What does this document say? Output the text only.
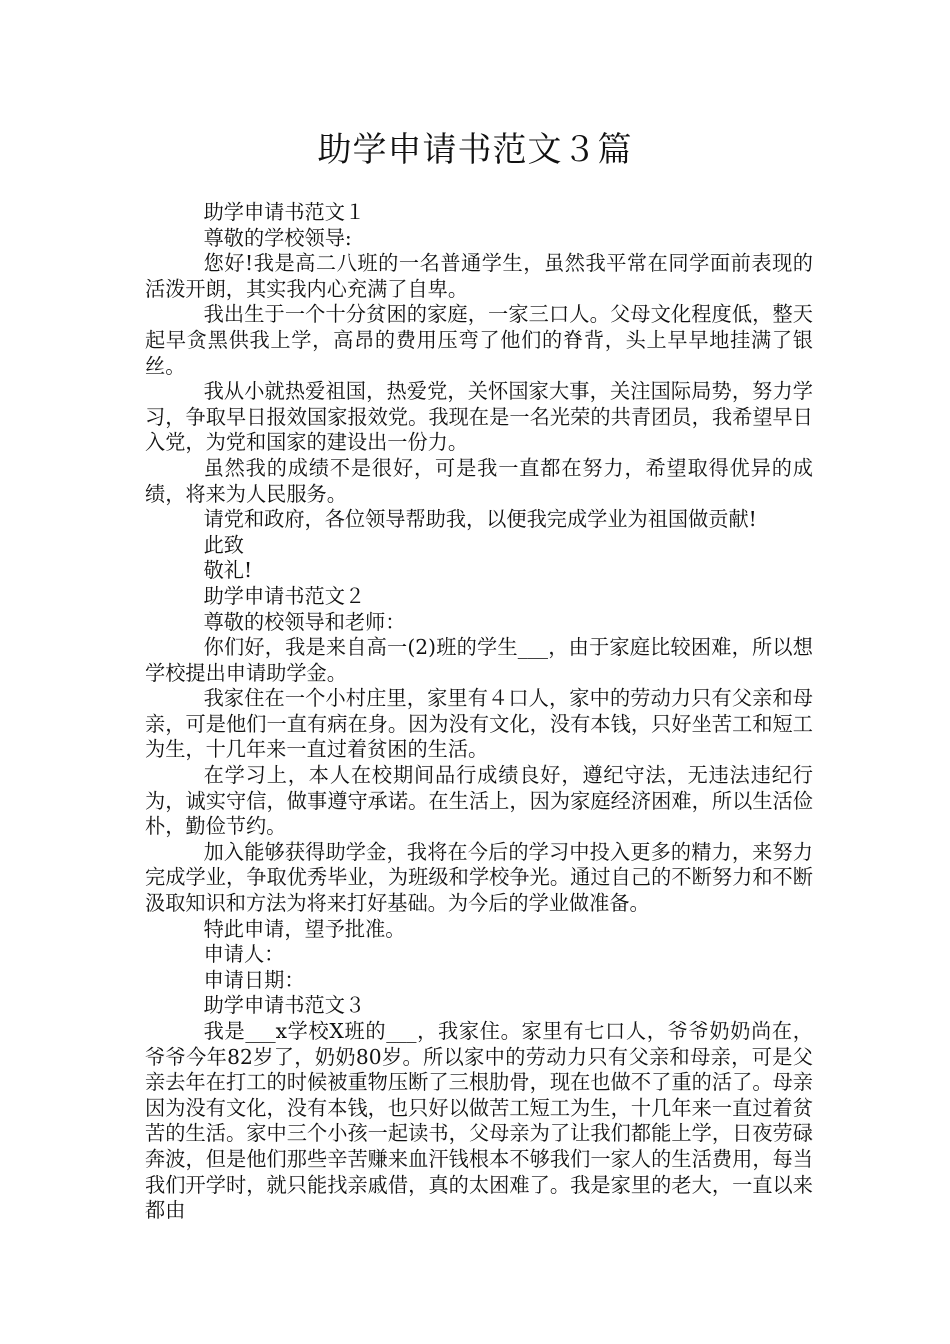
助学申请书范文３篇

助学申请书范文１

尊敬的学校领导:

您好!我是高二八班的一名普通学生，虽然我平常在同学面前表现的活泼开朗，其实我内心充满了自卑。

我出生于一个十分贫困的家庭，一家三口人。父母文化程度低，整天起早贪黑供我上学，高昂的费用压弯了他们的脊背，头上早早地挂满了银丝。

我从小就热爱祖国，热爱党，关怀国家大事，关注国际局势，努力学习，争取早日报效国家报效党。我现在是一名光荣的共青团员，我希望早日入党，为党和国家的建设出一份力。

虽然我的成绩不是很好，可是我一直都在努力，希望取得优异的成绩，将来为人民服务。

请党和政府，各位领导帮助我，以便我完成学业为祖国做贡献!

此致

敬礼!

助学申请书范文２

尊敬的校领导和老师：

你们好，我是来自高一(2)班的学生___，由于家庭比较困难，所以想学校提出申请助学金。

我家住在一个小村庄里，家里有４口人，家中的劳动力只有父亲和母亲，可是他们一直有病在身。因为没有文化，没有本钱，只好坐苦工和短工为生，十几年来一直过着贫困的生活。

在学习上，本人在校期间品行成绩良好，遵纪守法，无违法违纪行为，诚实守信，做事遵守承诺。在生活上，因为家庭经济困难，所以生活俭朴，勤俭节约。

加入能够获得助学金，我将在今后的学习中投入更多的精力，来努力完成学业，争取优秀毕业，为班级和学校争光。通过自己的不断努力和不断汲取知识和方法为将来打好基础。为今后的学业做准备。

特此申请，望予批准。

申请人：

申请日期：

助学申请书范文３

我是___x学校X班的___，我家住。家里有七口人，爷爷奶奶尚在，爷爷今年82岁了，奶奶80岁。所以家中的劳动力只有父亲和母亲，可是父亲去年在打工的时候被重物压断了三根肋骨，现在也做不了重的活了。母亲因为没有文化，没有本钱，也只好以做苦工短工为生，十几年来一直过着贫苦的生活。家中三个小孩一起读书，父母亲为了让我们都能上学，日夜劳碌奔波，但是他们那些辛苦赚来血汗钱根本不够我们一家人的生活费用，每当我们开学时，就只能找亲戚借，真的太困难了。我是家里的老大，一直以来都由
